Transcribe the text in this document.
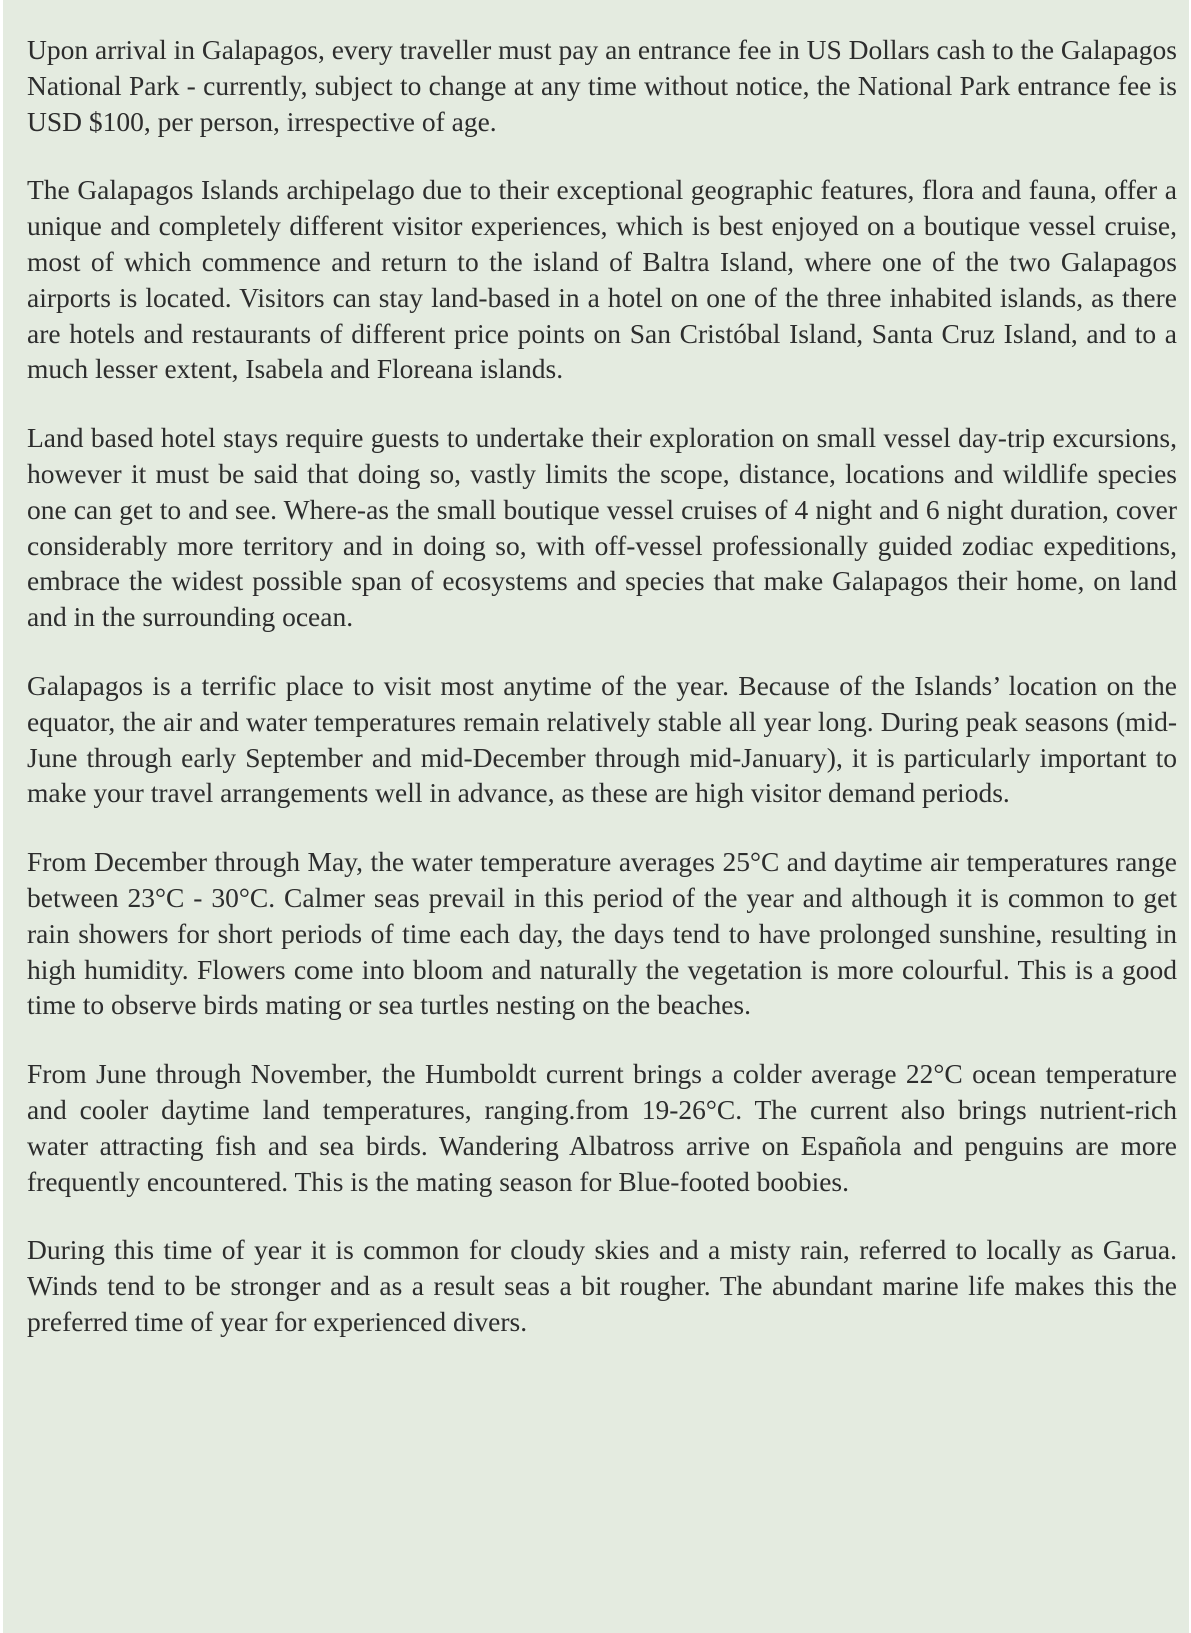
Upon arrival in Galapagos, every traveller must pay an entrance fee in US Dollars cash to the Galapagos National Park - currently, subject to change at any time without notice, the National Park entrance fee is USD $100, per person, irrespective of age.

The Galapagos Islands archipelago due to their exceptional geographic features, flora and fauna, offer a unique and completely different visitor experiences, which is best enjoyed on a boutique vessel cruise, most of which commence and return to the island of Baltra Island, where one of the two Galapagos airports is located. Visitors can stay land-based in a hotel on one of the three inhabited islands, as there are hotels and restaurants of different price points on San Cristóbal Island, Santa Cruz Island, and to a much lesser extent, Isabela and Floreana islands.

Land based hotel stays require guests to undertake their exploration on small vessel day-trip excursions, however it must be said that doing so, vastly limits the scope, distance, locations and wildlife species one can get to and see. Where-as the small boutique vessel cruises of 4 night and 6 night duration, cover considerably more territory and in doing so, with off-vessel professionally guided zodiac expeditions, embrace the widest possible span of ecosystems and species that make Galapagos their home, on land and in the surrounding ocean.

Galapagos is a terrific place to visit most anytime of the year. Because of the Islands’ location on the equator, the air and water temperatures remain relatively stable all year long. During peak seasons (mid-June through early September and mid-December through mid-January), it is particularly important to make your travel arrangements well in advance, as these are high visitor demand periods.

From December through May, the water temperature averages 25°C and daytime air temperatures range between 23°C - 30°C. Calmer seas prevail in this period of the year and although it is common to get rain showers for short periods of time each day, the days tend to have prolonged sunshine, resulting in high humidity. Flowers come into bloom and naturally the vegetation is more colourful. This is a good time to observe birds mating or sea turtles nesting on the beaches.

From June through November, the Humboldt current brings a colder average 22°C ocean temperature and cooler daytime land temperatures, ranging.from 19-26°C. The current also brings nutrient-rich water attracting fish and sea birds. Wandering Albatross arrive on Española and penguins are more frequently encountered. This is the mating season for Blue-footed boobies.

During this time of year it is common for cloudy skies and a misty rain, referred to locally as Garua. Winds tend to be stronger and as a result seas a bit rougher. The abundant marine life makes this the preferred time of year for experienced divers.
